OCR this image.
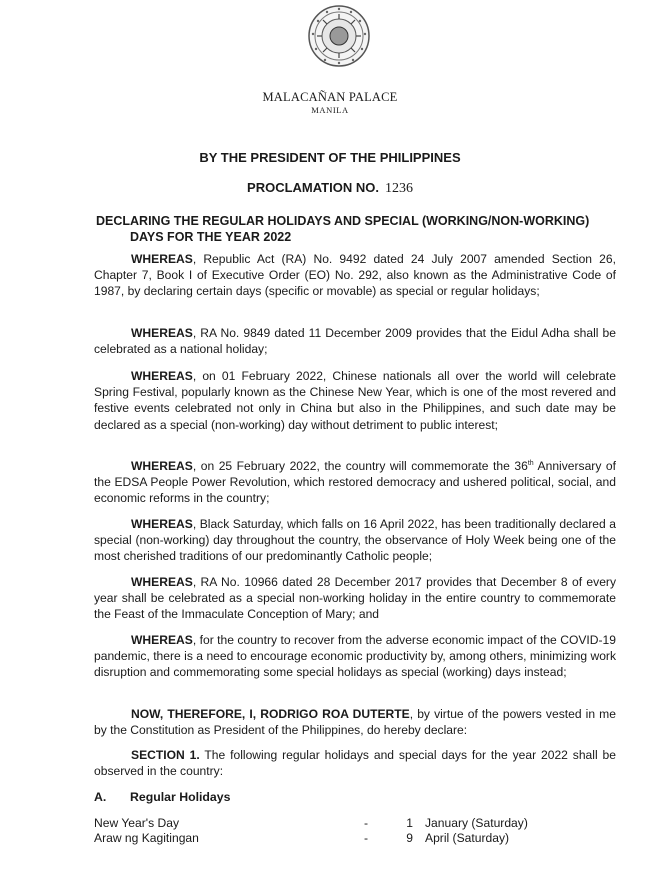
MALACAÑAN PALACE
MANILA
BY THE PRESIDENT OF THE PHILIPPINES
PROCLAMATION NO. 1236
DECLARING THE REGULAR HOLIDAYS AND SPECIAL (WORKING/NON-WORKING)
DAYS FOR THE YEAR 2022

WHEREAS, Republic Act (RA) No. 9492 dated 24 July 2007 amended Section 26, Chapter 7, Book I of Executive Order (EO) No. 292, also known as the Administrative Code of 1987, by declaring certain days (specific or movable) as special or regular holidays;

WHEREAS, RA No. 9849 dated 11 December 2009 provides that the Eidul Adha shall be celebrated as a national holiday;

WHEREAS, on 01 February 2022, Chinese nationals all over the world will celebrate Spring Festival, popularly known as the Chinese New Year, which is one of the most revered and festive events celebrated not only in China but also in the Philippines, and such date may be declared as a special (non-working) day without detriment to public interest;

WHEREAS, on 25 February 2022, the country will commemorate the 36th Anniversary of the EDSA People Power Revolution, which restored democracy and ushered political, social, and economic reforms in the country;

WHEREAS, Black Saturday, which falls on 16 April 2022, has been traditionally declared a special (non-working) day throughout the country, the observance of Holy Week being one of the most cherished traditions of our predominantly Catholic people;

WHEREAS, RA No. 10966 dated 28 December 2017 provides that December 8 of every year shall be celebrated as a special non-working holiday in the entire country to commemorate the Feast of the Immaculate Conception of Mary; and

WHEREAS, for the country to recover from the adverse economic impact of the COVID-19 pandemic, there is a need to encourage economic productivity by, among others, minimizing work disruption and commemorating some special holidays as special (working) days instead;

NOW, THEREFORE, I, RODRIGO ROA DUTERTE, by virtue of the powers vested in me by the Constitution as President of the Philippines, do hereby declare:

SECTION 1. The following regular holidays and special days for the year 2022 shall be observed in the country:

A. Regular Holidays
New Year's Day	-	1 January (Saturday)
Araw ng Kagitingan	-	9 April (Saturday)
